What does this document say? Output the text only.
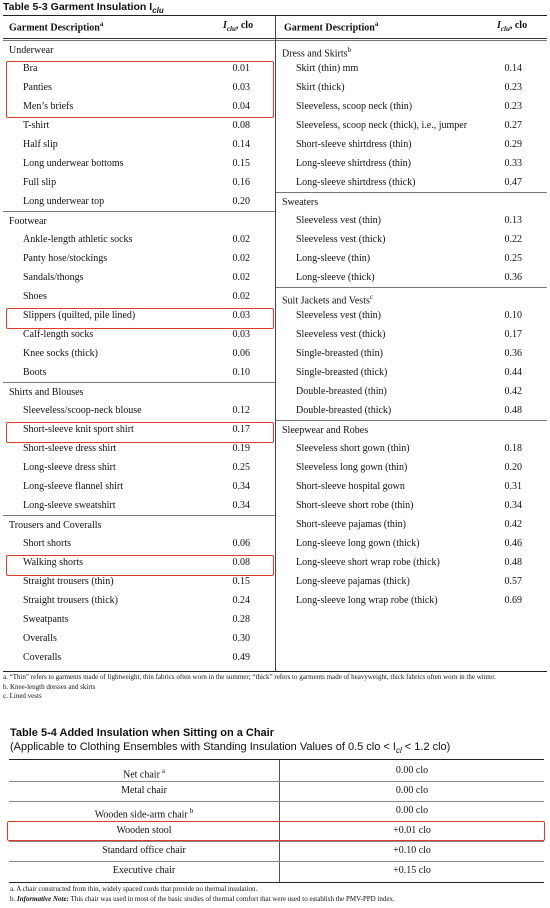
Table 5-3 Garment Insulation $I_{clu}$
Garment Description$^a$	$I_{clu}$, clo	Garment Description$^a$	$I_{clu}$, clo
Underwear
Bra	0.01
Panties	0.03
Men’s briefs	0.04
T-shirt	0.08
Half slip	0.14
Long underwear bottoms	0.15
Full slip	0.16
Long underwear top	0.20
Footwear
Ankle-length athletic socks	0.02
Panty hose/stockings	0.02
Sandals/thongs	0.02
Shoes	0.02
Slippers (quilted, pile lined)	0.03
Calf-length socks	0.03
Knee socks (thick)	0.06
Boots	0.10
Shirts and Blouses
Sleeveless/scoop-neck blouse	0.12
Short-sleeve knit sport shirt	0.17
Short-sleeve dress shirt	0.19
Long-sleeve dress shirt	0.25
Long-sleeve flannel shirt	0.34
Long-sleeve sweatshirt	0.34
Trousers and Coveralls
Short shorts	0.06
Walking shorts	0.08
Straight trousers (thin)	0.15
Straight trousers (thick)	0.24
Sweatpants	0.28
Overalls	0.30
Coveralls	0.49
Dress and Skirts$^b$
Skirt (thin) mm	0.14
Skirt (thick)	0.23
Sleeveless, scoop neck (thin)	0.23
Sleeveless, scoop neck (thick), i.e., jumper	0.27
Short-sleeve shirtdress (thin)	0.29
Long-sleeve shirtdress (thin)	0.33
Long-sleeve shirtdress (thick)	0.47
Sweaters
Sleeveless vest (thin)	0.13
Sleeveless vest (thick)	0.22
Long-sleeve (thin)	0.25
Long-sleeve (thick)	0.36
Suit Jackets and Vests$^c$
Sleeveless vest (thin)	0.10
Sleeveless vest (thick)	0.17
Single-breasted (thin)	0.36
Single-breasted (thick)	0.44
Double-breasted (thin)	0.42
Double-breasted (thick)	0.48
Sleepwear and Robes
Sleeveless short gown (thin)	0.18
Sleeveless long gown (thin)	0.20
Short-sleeve hospital gown	0.31
Short-sleeve short robe (thin)	0.34
Short-sleeve pajamas (thin)	0.42
Long-sleeve long gown (thick)	0.46
Long-sleeve short wrap robe (thick)	0.48
Long-sleeve pajamas (thick)	0.57
Long-sleeve long wrap robe (thick)	0.69
a. “Thin” refers to garments made of lightweight, thin fabrics often worn in the summer; “thick” refers to garments made of heavyweight, thick fabrics often worn in the winter.
b. Knee-length dresses and skirts
c. Lined vests
Table 5-4 Added Insulation when Sitting on a Chair
(Applicable to Clothing Ensembles with Standing Insulation Values of 0.5 clo < $I_{cl} < 1.2$ clo)
Net chair $^a$	0.00 clo
Metal chair	0.00 clo
Wooden side-arm chair $^b$	0.00 clo
Wooden stool	+0.01 clo
Standard office chair	+0.10 clo
Executive chair	+0.15 clo
a. A chair constructed from thin, widely spaced cords that provide no thermal insulation.
b. Informative Note: This chair was used in most of the basic studies of thermal comfort that were used to establish the PMV-PPD index.
